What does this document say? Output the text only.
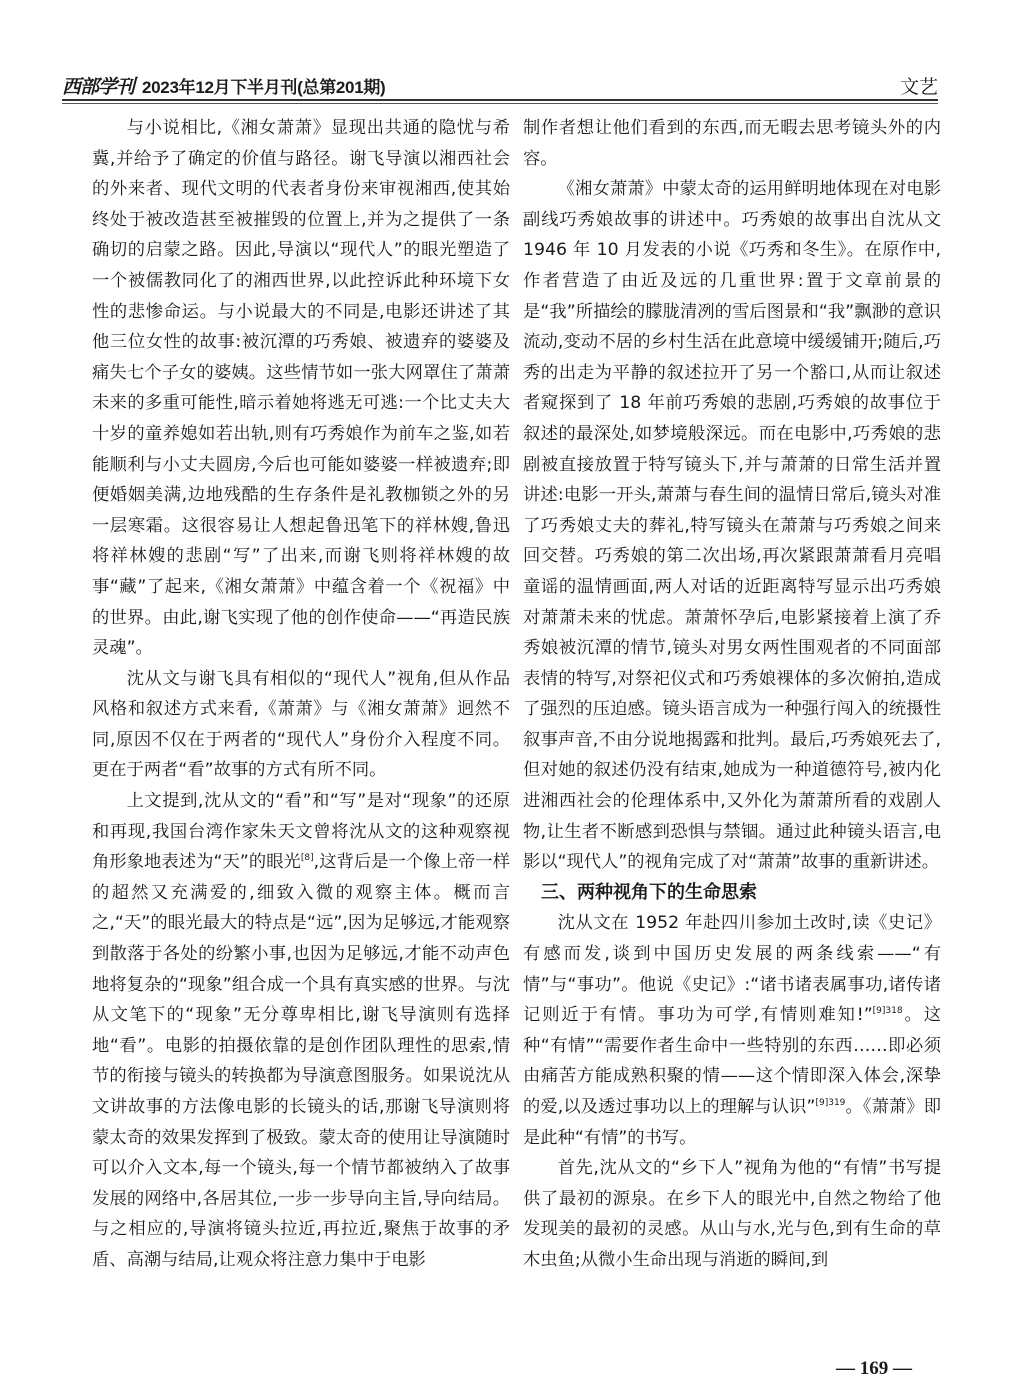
西部学刊 2023年12月下半月刊(总第201期)	文艺

与小说相比,《湘女萧萧》显现出共通的隐忧与希冀,并给予了确定的价值与路径。谢飞导演以湘西社会的外来者、现代文明的代表者身份来审视湘西,使其始终处于被改造甚至被摧毁的位置上,并为之提供了一条确切的启蒙之路。因此,导演以“现代人”的眼光塑造了一个被儒教同化了的湘西世界,以此控诉此种环境下女性的悲惨命运。与小说最大的不同是,电影还讲述了其他三位女性的故事:被沉潭的巧秀娘、被遗弃的婆婆及痛失七个子女的婆姨。这些情节如一张大网罩住了萧萧未来的多重可能性,暗示着她将逃无可逃:一个比丈夫大十岁的童养媳如若出轨,则有巧秀娘作为前车之鉴,如若能顺利与小丈夫圆房,今后也可能如婆婆一样被遗弃;即便婚姻美满,边地残酷的生存条件是礼教枷锁之外的另一层寒霜。这很容易让人想起鲁迅笔下的祥林嫂,鲁迅将祥林嫂的悲剧“写”了出来,而谢飞则将祥林嫂的故事“藏”了起来,《湘女萧萧》中蕴含着一个《祝福》中的世界。由此,谢飞实现了他的创作使命——“再造民族灵魂”。

沈从文与谢飞具有相似的“现代人”视角,但从作品风格和叙述方式来看,《萧萧》与《湘女萧萧》迥然不同,原因不仅在于两者的“现代人”身份介入程度不同。更在于两者“看”故事的方式有所不同。

上文提到,沈从文的“看”和“写”是对“现象”的还原和再现,我国台湾作家朱天文曾将沈从文的这种观察视角形象地表述为“天”的眼光[8],这背后是一个像上帝一样的超然又充满爱的,细致入微的观察主体。概而言之,“天”的眼光最大的特点是“远”,因为足够远,才能观察到散落于各处的纷繁小事,也因为足够远,才能不动声色地将复杂的“现象”组合成一个具有真实感的世界。与沈从文笔下的“现象”无分尊卑相比,谢飞导演则有选择地“看”。电影的拍摄依靠的是创作团队理性的思索,情节的衔接与镜头的转换都为导演意图服务。如果说沈从文讲故事的方法像电影的长镜头的话,那谢飞导演则将蒙太奇的效果发挥到了极致。蒙太奇的使用让导演随时可以介入文本,每一个镜头,每一个情节都被纳入了故事发展的网络中,各居其位,一步一步导向主旨,导向结局。与之相应的,导演将镜头拉近,再拉近,聚焦于故事的矛盾、高潮与结局,让观众将注意力集中于电影

制作者想让他们看到的东西,而无暇去思考镜头外的内容。

《湘女萧萧》中蒙太奇的运用鲜明地体现在对电影副线巧秀娘故事的讲述中。巧秀娘的故事出自沈从文 1946 年 10 月发表的小说《巧秀和冬生》。在原作中,作者营造了由近及远的几重世界:置于文章前景的是“我”所描绘的朦胧清冽的雪后图景和“我”飘渺的意识流动,变动不居的乡村生活在此意境中缓缓铺开;随后,巧秀的出走为平静的叙述拉开了另一个豁口,从而让叙述者窥探到了 18 年前巧秀娘的悲剧,巧秀娘的故事位于叙述的最深处,如梦境般深远。而在电影中,巧秀娘的悲剧被直接放置于特写镜头下,并与萧萧的日常生活并置讲述:电影一开头,萧萧与春生间的温情日常后,镜头对准了巧秀娘丈夫的葬礼,特写镜头在萧萧与巧秀娘之间来回交替。巧秀娘的第二次出场,再次紧跟萧萧看月亮唱童谣的温情画面,两人对话的近距离特写显示出巧秀娘对萧萧未来的忧虑。萧萧怀孕后,电影紧接着上演了乔秀娘被沉潭的情节,镜头对男女两性围观者的不同面部表情的特写,对祭祀仪式和巧秀娘裸体的多次俯拍,造成了强烈的压迫感。镜头语言成为一种强行闯入的统摄性叙事声音,不由分说地揭露和批判。最后,巧秀娘死去了,但对她的叙述仍没有结束,她成为一种道德符号,被内化进湘西社会的伦理体系中,又外化为萧萧所看的戏剧人物,让生者不断感到恐惧与禁锢。通过此种镜头语言,电影以“现代人”的视角完成了对“萧萧”故事的重新讲述。

三、两种视角下的生命思索

沈从文在 1952 年赴四川参加土改时,读《史记》有感而发,谈到中国历史发展的两条线索——“有情”与“事功”。他说《史记》:“诸书诸表属事功,诸传诸记则近于有情。事功为可学,有情则难知!”$^{[9]318}$。这种“有情”“需要作者生命中一些特别的东西……即必须由痛苦方能成熟积聚的情——这个情即深入体会,深挚的爱,以及透过事功以上的理解与认识”$^{[9]319}$。《萧萧》即是此种“有情”的书写。

首先,沈从文的“乡下人”视角为他的“有情”书写提供了最初的源泉。在乡下人的眼光中,自然之物给了他发现美的最初的灵感。从山与水,光与色,到有生命的草木虫鱼;从微小生命出现与消逝的瞬间,到

— 169 —
